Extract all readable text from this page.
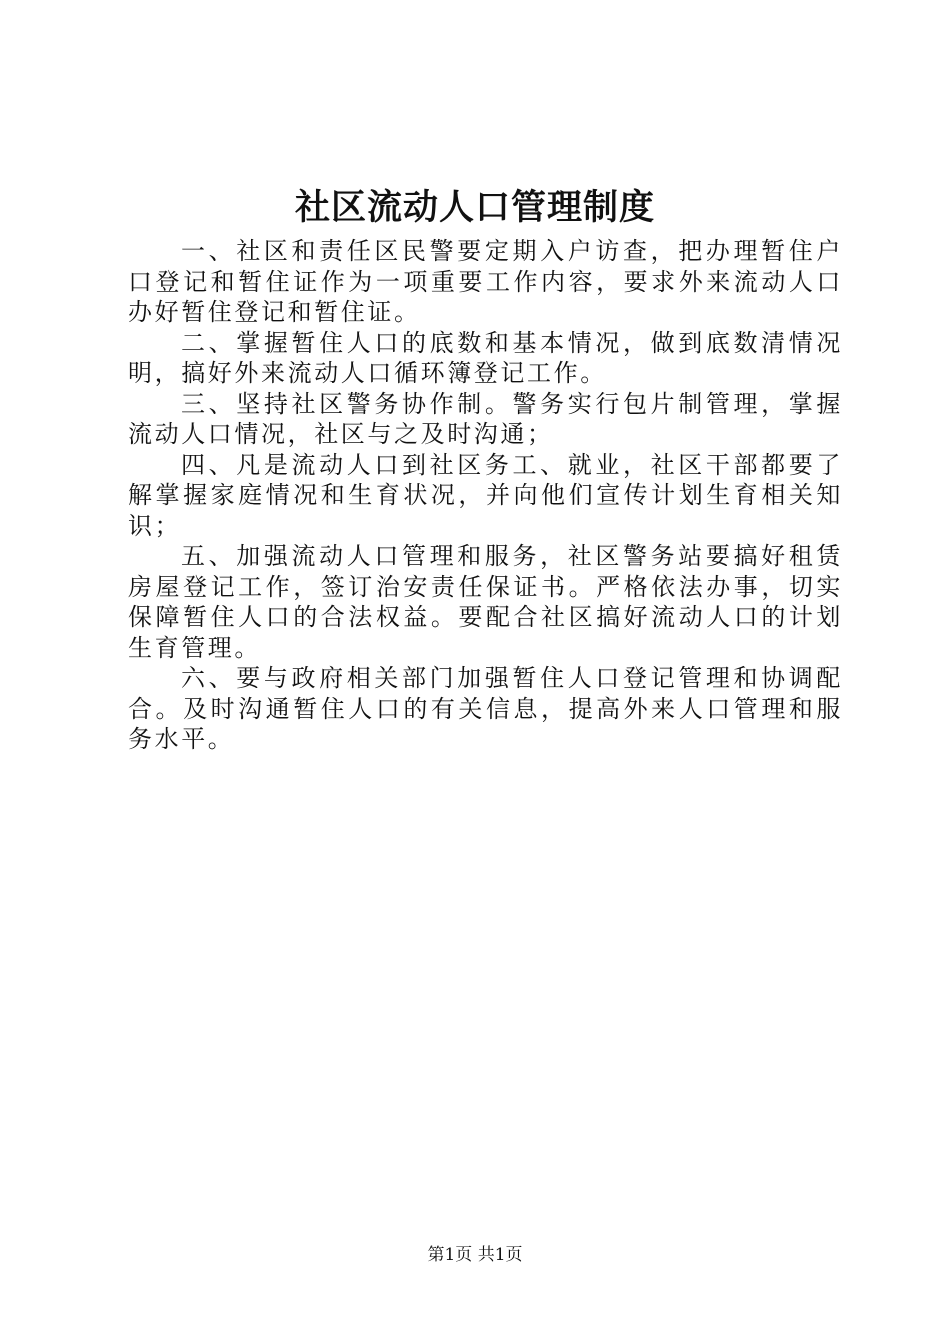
社区流动人口管理制度

一、社区和责任区民警要定期入户访查，把办理暂住户口登记和暂住证作为一项重要工作内容，要求外来流动人口办好暂住登记和暂住证。

二、掌握暂住人口的底数和基本情况，做到底数清情况明，搞好外来流动人口循环簿登记工作。

三、坚持社区警务协作制。警务实行包片制管理，掌握流动人口情况，社区与之及时沟通；

四、凡是流动人口到社区务工、就业，社区干部都要了解掌握家庭情况和生育状况，并向他们宣传计划生育相关知识；

五、加强流动人口管理和服务，社区警务站要搞好租赁房屋登记工作，签订治安责任保证书。严格依法办事，切实保障暂住人口的合法权益。要配合社区搞好流动人口的计划生育管理。

六、要与政府相关部门加强暂住人口登记管理和协调配合。及时沟通暂住人口的有关信息，提高外来人口管理和服务水平。

第1页 共1页
